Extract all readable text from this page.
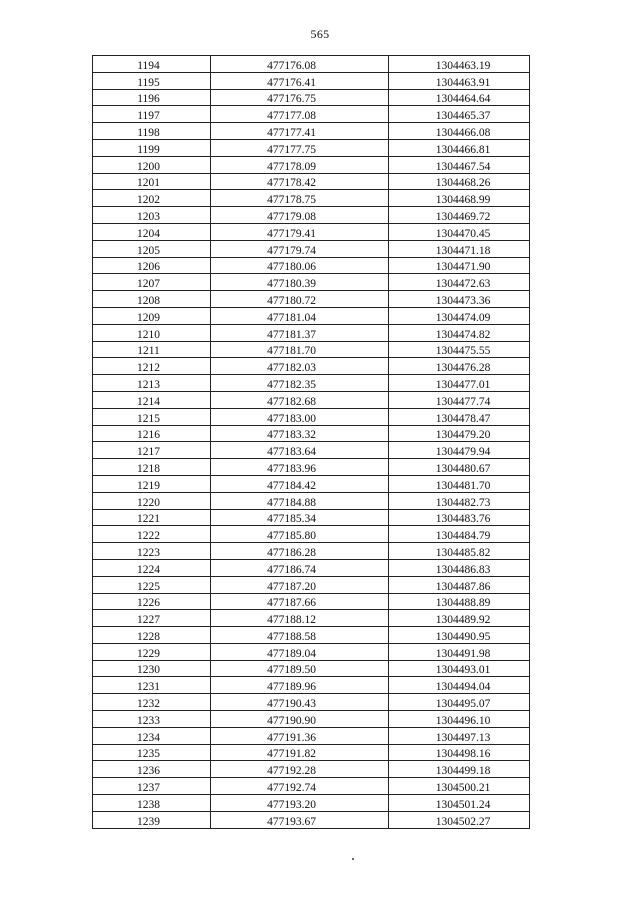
565
1194	477176.08	1304463.19
1195	477176.41	1304463.91
1196	477176.75	1304464.64
1197	477177.08	1304465.37
1198	477177.41	1304466.08
1199	477177.75	1304466.81
1200	477178.09	1304467.54
1201	477178.42	1304468.26
1202	477178.75	1304468.99
1203	477179.08	1304469.72
1204	477179.41	1304470.45
1205	477179.74	1304471.18
1206	477180.06	1304471.90
1207	477180.39	1304472.63
1208	477180.72	1304473.36
1209	477181.04	1304474.09
1210	477181.37	1304474.82
1211	477181.70	1304475.55
1212	477182.03	1304476.28
1213	477182.35	1304477.01
1214	477182.68	1304477.74
1215	477183.00	1304478.47
1216	477183.32	1304479.20
1217	477183.64	1304479.94
1218	477183.96	1304480.67
1219	477184.42	1304481.70
1220	477184.88	1304482.73
1221	477185.34	1304483.76
1222	477185.80	1304484.79
1223	477186.28	1304485.82
1224	477186.74	1304486.83
1225	477187.20	1304487.86
1226	477187.66	1304488.89
1227	477188.12	1304489.92
1228	477188.58	1304490.95
1229	477189.04	1304491.98
1230	477189.50	1304493.01
1231	477189.96	1304494.04
1232	477190.43	1304495.07
1233	477190.90	1304496.10
1234	477191.36	1304497.13
1235	477191.82	1304498.16
1236	477192.28	1304499.18
1237	477192.74	1304500.21
1238	477193.20	1304501.24
1239	477193.67	1304502.27
